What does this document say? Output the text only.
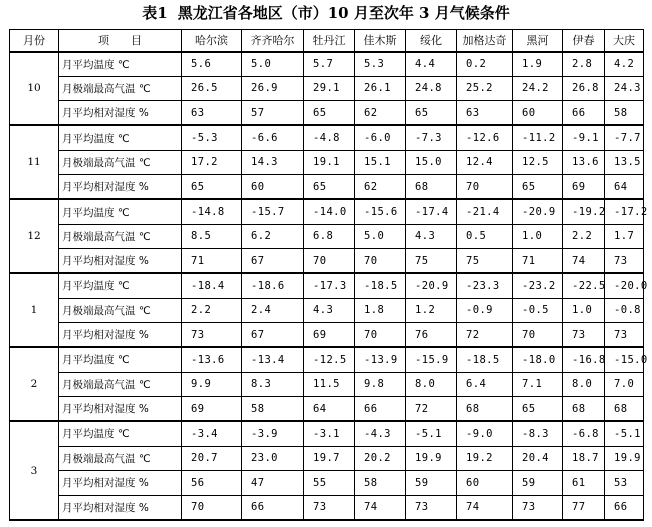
表1 黑龙江省各地区（市）10 月至次年 3 月气候条件
月份	项　　目	哈尔滨	齐齐哈尔	牡丹江	佳木斯	绥化	加格达奇	黑河	伊春	大庆
10	月平均温度 ℃	5.6	5.0	5.7	5.3	4.4	0.2	1.9	2.8	4.2
	月极端最高气温 ℃	26.5	26.9	29.1	26.1	24.8	25.2	24.2	26.8	24.3
	月平均相对湿度 %	63	57	65	62	65	63	60	66	58
11	月平均温度 ℃	-5.3	-6.6	-4.8	-6.0	-7.3	-12.6	-11.2	-9.1	-7.7
	月极端最高气温 ℃	17.2	14.3	19.1	15.1	15.0	12.4	12.5	13.6	13.5
	月平均相对湿度 %	65	60	65	62	68	70	65	69	64
12	月平均温度 ℃	-14.8	-15.7	-14.0	-15.6	-17.4	-21.4	-20.9	-19.2	-17.2
	月极端最高气温 ℃	8.5	6.2	6.8	5.0	4.3	0.5	1.0	2.2	1.7
	月平均相对湿度 %	71	67	70	70	75	75	71	74	73
1	月平均温度 ℃	-18.4	-18.6	-17.3	-18.5	-20.9	-23.3	-23.2	-22.5	-20.0
	月极端最高气温 ℃	2.2	2.4	4.3	1.8	1.2	-0.9	-0.5	1.0	-0.8
	月平均相对湿度 %	73	67	69	70	76	72	70	73	73
2	月平均温度 ℃	-13.6	-13.4	-12.5	-13.9	-15.9	-18.5	-18.0	-16.8	-15.0
	月极端最高气温 ℃	9.9	8.3	11.5	9.8	8.0	6.4	7.1	8.0	7.0
	月平均相对湿度 %	69	58	64	66	72	68	65	68	68
3	月平均温度 ℃	-3.4	-3.9	-3.1	-4.3	-5.1	-9.0	-8.3	-6.8	-5.1
	月极端最高气温 ℃	20.7	23.0	19.7	20.2	19.9	19.2	20.4	18.7	19.9
	月平均相对湿度 %	56	47	55	58	59	60	59	61	53
	月平均相对湿度 %	70	66	73	74	73	74	73	77	66
